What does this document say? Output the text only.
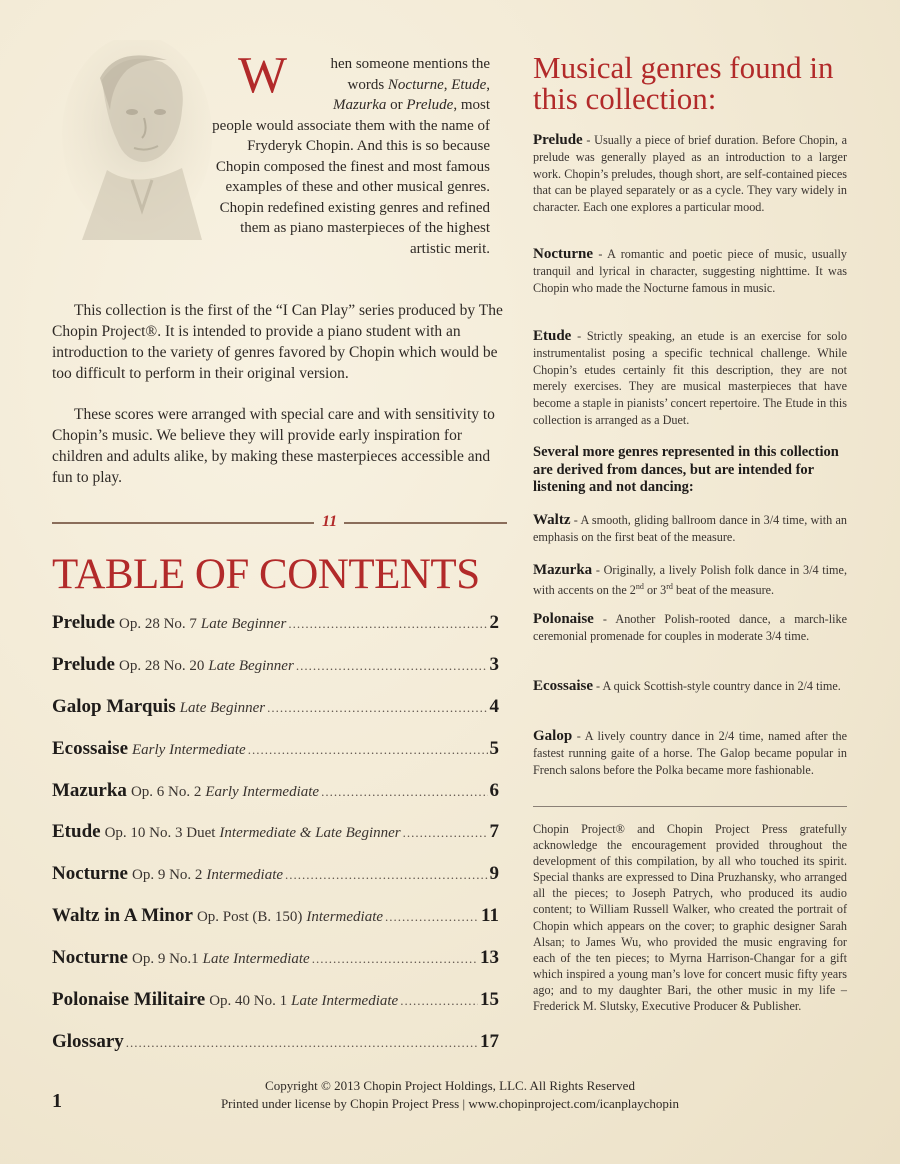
W	hen someone mentions the words Nocturne, Etude, Mazurka or Prelude, most people would associate them with the name of Fryderyk Chopin. And this is so because Chopin composed the finest and most famous examples of these and other musical genres. Chopin redefined existing genres and refined them as piano masterpieces of the highest artistic merit.

This collection is the first of the “I Can Play” series produced by The Chopin Project®. It is intended to provide a piano student with an introduction to the variety of genres favored by Chopin which would be too difficult to perform in their original version.

These scores were arranged with special care and with sensitivity to Chopin’s music. We believe they will provide early inspiration for children and adults alike, by making these masterpieces accessible and fun to play.

11
TABLE OF CONTENTS
Prelude Op. 28 No. 7 Late Beginner .....	2
Prelude Op. 28 No. 20 Late Beginner .....	3
Galop Marquis Late Beginner .....	4
Ecossaise Early Intermediate .....	5
Mazurka Op. 6 No. 2 Early Intermediate .....	6
Etude Op. 10 No. 3 Duet Intermediate & Late Beginner .....	7
Nocturne Op. 9 No. 2 Intermediate .....	9
Waltz in A Minor Op. Post (B. 150) Intermediate .....	11
Nocturne Op. 9 No.1 Late Intermediate .....	13
Polonaise Militaire Op. 40 No. 1 Late Intermediate .....	15
Glossary .....	17
Musical genres found in this collection:
Prelude - Usually a piece of brief duration. Before Chopin, a prelude was generally played as an introduction to a larger work. Chopin’s preludes, though short, are self-contained pieces that can be played separately or as a cycle. They vary widely in character. Each one explores a particular mood.
Nocturne - A romantic and poetic piece of music, usually tranquil and lyrical in character, suggesting nighttime. It was Chopin who made the Nocturne famous in music.
Etude - Strictly speaking, an etude is an exercise for solo instrumentalist posing a specific technical challenge. While Chopin’s etudes certainly fit this description, they are not merely exercises. They are musical masterpieces that have become a staple in pianists’ concert repertoire. The Etude in this collection is arranged as a Duet.
Several more genres represented in this collection are derived from dances, but are intended for listening and not dancing:
Waltz - A smooth, gliding ballroom dance in 3/4 time, with an emphasis on the first beat of the measure.
Mazurka - Originally, a lively Polish folk dance in 3/4 time, with accents on the 2nd or 3rd beat of the measure.
Polonaise - Another Polish-rooted dance, a march-like ceremonial promenade for couples in moderate 3/4 time.
Ecossaise - A quick Scottish-style country dance in 2/4 time.
Galop - A lively country dance in 2/4 time, named after the fastest running gaite of a horse. The Galop became popular in French salons before the Polka became more fashionable.
Chopin Project® and Chopin Project Press gratefully acknowledge the encouragement provided throughout the development of this compilation, by all who touched its spirit. Special thanks are expressed to Dina Pruzhansky, who arranged all the pieces; to Joseph Patrych, who produced its audio content; to William Russell Walker, who created the portrait of Chopin which appears on the cover; to graphic designer Sarah Alsan; to James Wu, who provided the music engraving for each of the ten pieces; to Myrna Harrison-Changar for a gift which inspired a young man’s love for concert music fifty years ago; and to my daughter Bari, the other music in my life – Frederick M. Slutsky, Executive Producer & Publisher.
Copyright © 2013 Chopin Project Holdings, LLC. All Rights Reserved
Printed under license by Chopin Project Press | www.chopinproject.com/icanplaychopin
1
